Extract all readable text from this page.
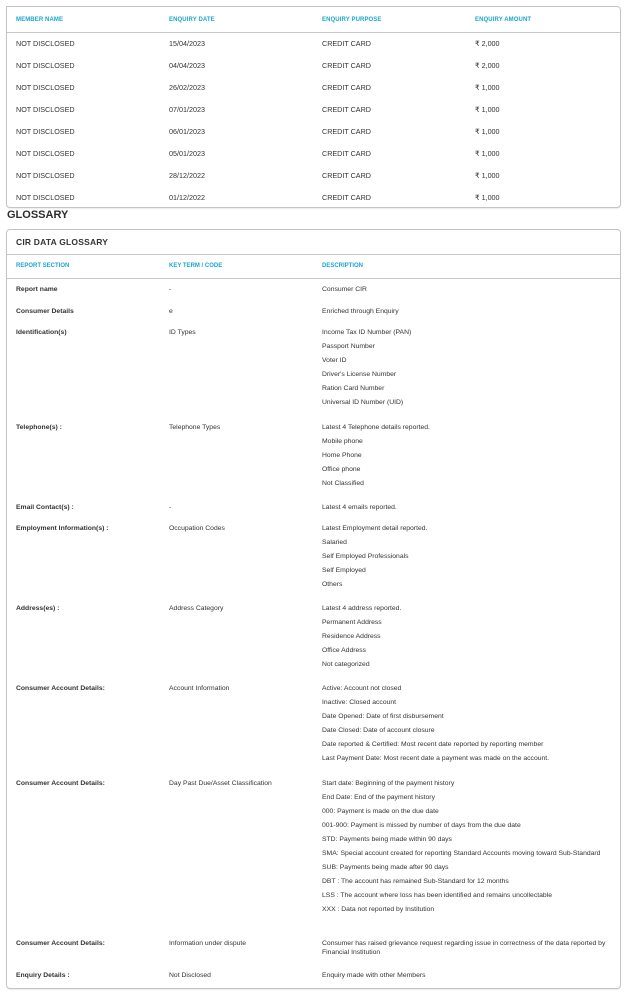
MEMBER NAME	ENQUIRY DATE	ENQUIRY PURPOSE	ENQUIRY AMOUNT
NOT DISCLOSED	15/04/2023	CREDIT CARD	₹ 2,000
NOT DISCLOSED	04/04/2023	CREDIT CARD	₹ 2,000
NOT DISCLOSED	26/02/2023	CREDIT CARD	₹ 1,000
NOT DISCLOSED	07/01/2023	CREDIT CARD	₹ 1,000
NOT DISCLOSED	06/01/2023	CREDIT CARD	₹ 1,000
NOT DISCLOSED	05/01/2023	CREDIT CARD	₹ 1,000
NOT DISCLOSED	28/12/2022	CREDIT CARD	₹ 1,000
NOT DISCLOSED	01/12/2022	CREDIT CARD	₹ 1,000
GLOSSARY
CIR DATA GLOSSARY
REPORT SECTION	KEY TERM / CODE	DESCRIPTION
Report name	-	Consumer CIR
Consumer Details	e	Enriched through Enquiry
Identification(s)	ID Types	Income Tax ID Number (PAN)
Passport Number
Voter ID
Driver's License Number
Ration Card Number
Universal ID Number (UID)
Telephone(s) :	Telephone Types	Latest 4 Telephone details reported.
Mobile phone
Home Phone
Office phone
Not Classified
Email Contact(s) :	-	Latest 4 emails reported.
Employment Information(s) :	Occupation Codes	Latest Employment detail reported.
Salaried
Self Employed Professionals
Self Employed
Others
Address(es) :	Address Category	Latest 4 address reported.
Permanent Address
Residence Address
Office Address
Not categorized
Consumer Account Details:	Account Information	Active: Account not closed
Inactive: Closed account
Date Opened: Date of first disbursement
Date Closed: Date of account closure
Date reported & Certified: Most recent date reported by reporting member
Last Payment Date: Most recent date a payment was made on the account.
Consumer Account Details:	Day Past Due/Asset Classification	Start date: Beginning of the payment history
End Date: End of the payment history
000: Payment is made on the due date
001-900: Payment is missed by number of days from the due date
STD: Payments being made within 90 days
SMA: Special account created for reporting Standard Accounts moving toward Sub-Standard
SUB: Payments being made after 90 days
DBT : The account has remained Sub-Standard for 12 months
LSS : The account where loss has been identified and remains uncollectable
XXX : Data not reported by Institution
Consumer Account Details:	Information under dispute	Consumer has raised grievance request regarding issue in correctness of the data reported by Financial Institution
Enquiry Details :	Not Disclosed	Enquiry made with other Members
